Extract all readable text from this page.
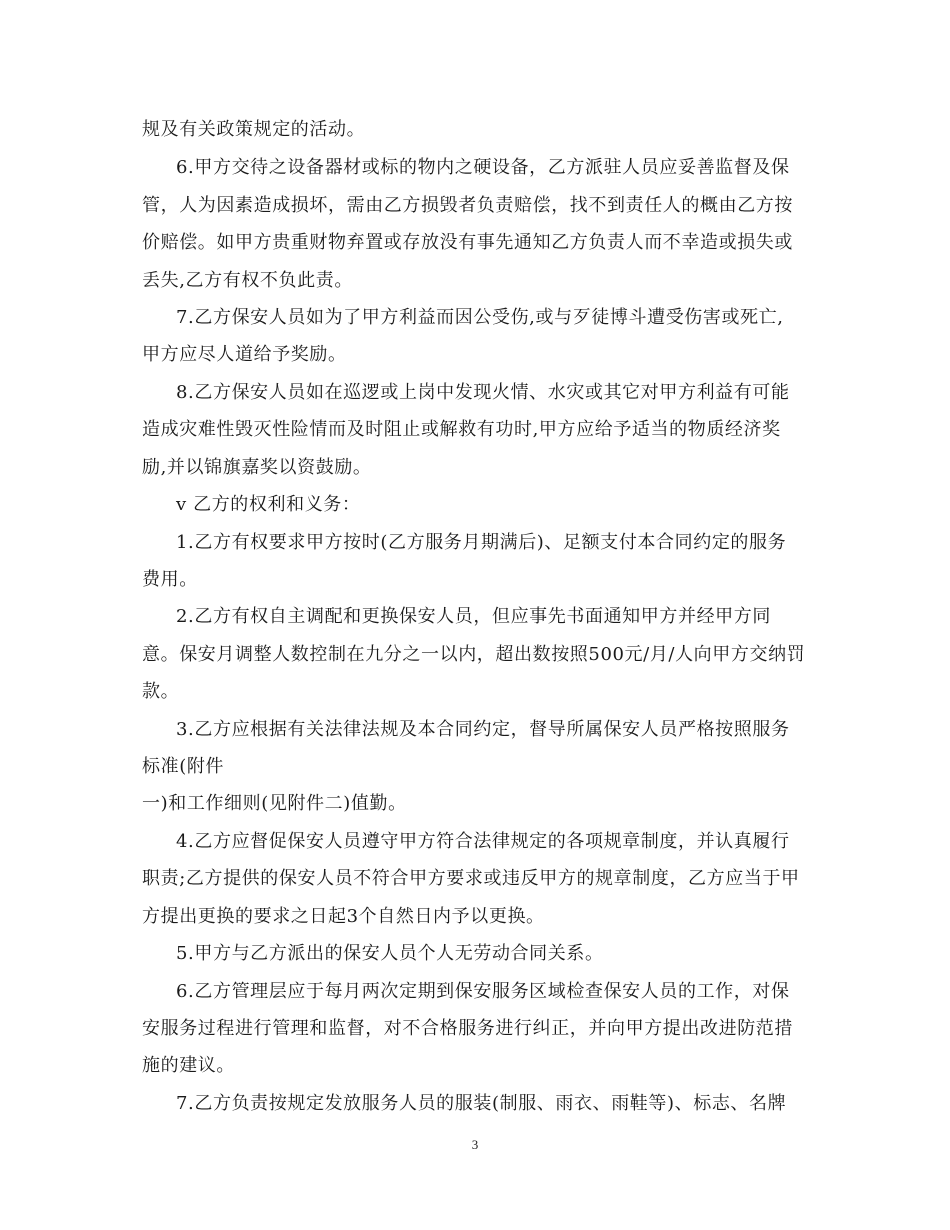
规及有关政策规定的活动。
6.甲方交待之设备器材或标的物内之硬设备，乙方派驻人员应妥善监督及保
管，人为因素造成损坏，需由乙方损毁者负责赔偿，找不到责任人的概由乙方按
价赔偿。如甲方贵重财物弃置或存放没有事先通知乙方负责人而不幸造或损失或
丢失,乙方有权不负此责。
7.乙方保安人员如为了甲方利益而因公受伤,或与歹徒博斗遭受伤害或死亡,
甲方应尽人道给予奖励。
8.乙方保安人员如在巡逻或上岗中发现火情、水灾或其它对甲方利益有可能
造成灾难性毁灭性险情而及时阻止或解救有功时,甲方应给予适当的物质经济奖
励,并以锦旗嘉奖以资鼓励。
v 乙方的权利和义务：
1.乙方有权要求甲方按时(乙方服务月期满后)、足额支付本合同约定的服务
费用。
2.乙方有权自主调配和更换保安人员，但应事先书面通知甲方并经甲方同
意。保安月调整人数控制在九分之一以内，超出数按照500元/月/人向甲方交纳罚
款。
3.乙方应根据有关法律法规及本合同约定，督导所属保安人员严格按照服务
标准(附件
一)和工作细则(见附件二)值勤。
4.乙方应督促保安人员遵守甲方符合法律规定的各项规章制度，并认真履行
职责;乙方提供的保安人员不符合甲方要求或违反甲方的规章制度，乙方应当于甲
方提出更换的要求之日起3个自然日内予以更换。
5.甲方与乙方派出的保安人员个人无劳动合同关系。
6.乙方管理层应于每月两次定期到保安服务区域检查保安人员的工作，对保
安服务过程进行管理和监督，对不合格服务进行纠正，并向甲方提出改进防范措
施的建议。
7.乙方负责按规定发放服务人员的服装(制服、雨衣、雨鞋等)、标志、名牌
3
